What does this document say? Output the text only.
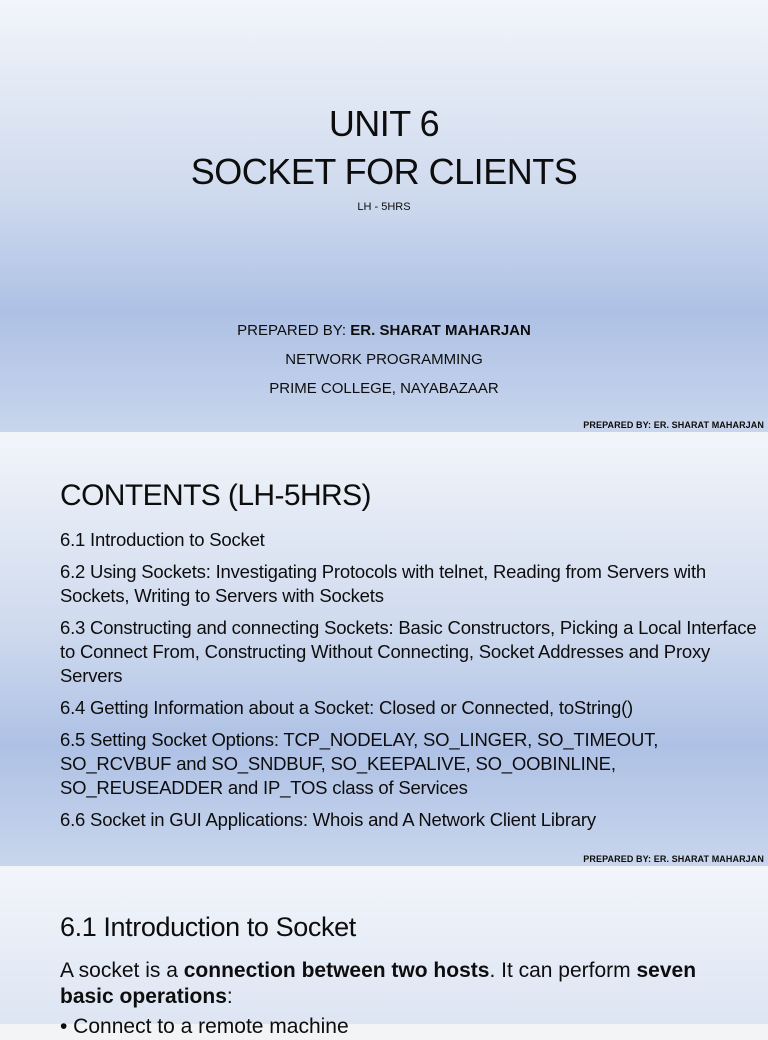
UNIT 6
SOCKET FOR CLIENTS
LH - 5HRS
PREPARED BY: ER. SHARAT MAHARJAN
NETWORK PROGRAMMING
PRIME COLLEGE, NAYABAZAAR
PREPARED BY: ER. SHARAT MAHARJAN
CONTENTS (LH-5HRS)
6.1 Introduction to Socket
6.2 Using Sockets: Investigating Protocols with telnet, Reading from Servers with Sockets, Writing to Servers with Sockets
6.3 Constructing and connecting Sockets: Basic Constructors, Picking a Local Interface to Connect From, Constructing Without Connecting, Socket Addresses and Proxy Servers
6.4 Getting Information about a Socket: Closed or Connected, toString()
6.5 Setting Socket Options: TCP_NODELAY, SO_LINGER, SO_TIMEOUT, SO_RCVBUF and SO_SNDBUF, SO_KEEPALIVE, SO_OOBINLINE, SO_REUSEADDER and IP_TOS class of Services
6.6 Socket in GUI Applications: Whois and A Network Client Library
PREPARED BY: ER. SHARAT MAHARJAN
6.1 Introduction to Socket

A socket is a connection between two hosts. It can perform seven basic operations:

• Connect to a remote machine
